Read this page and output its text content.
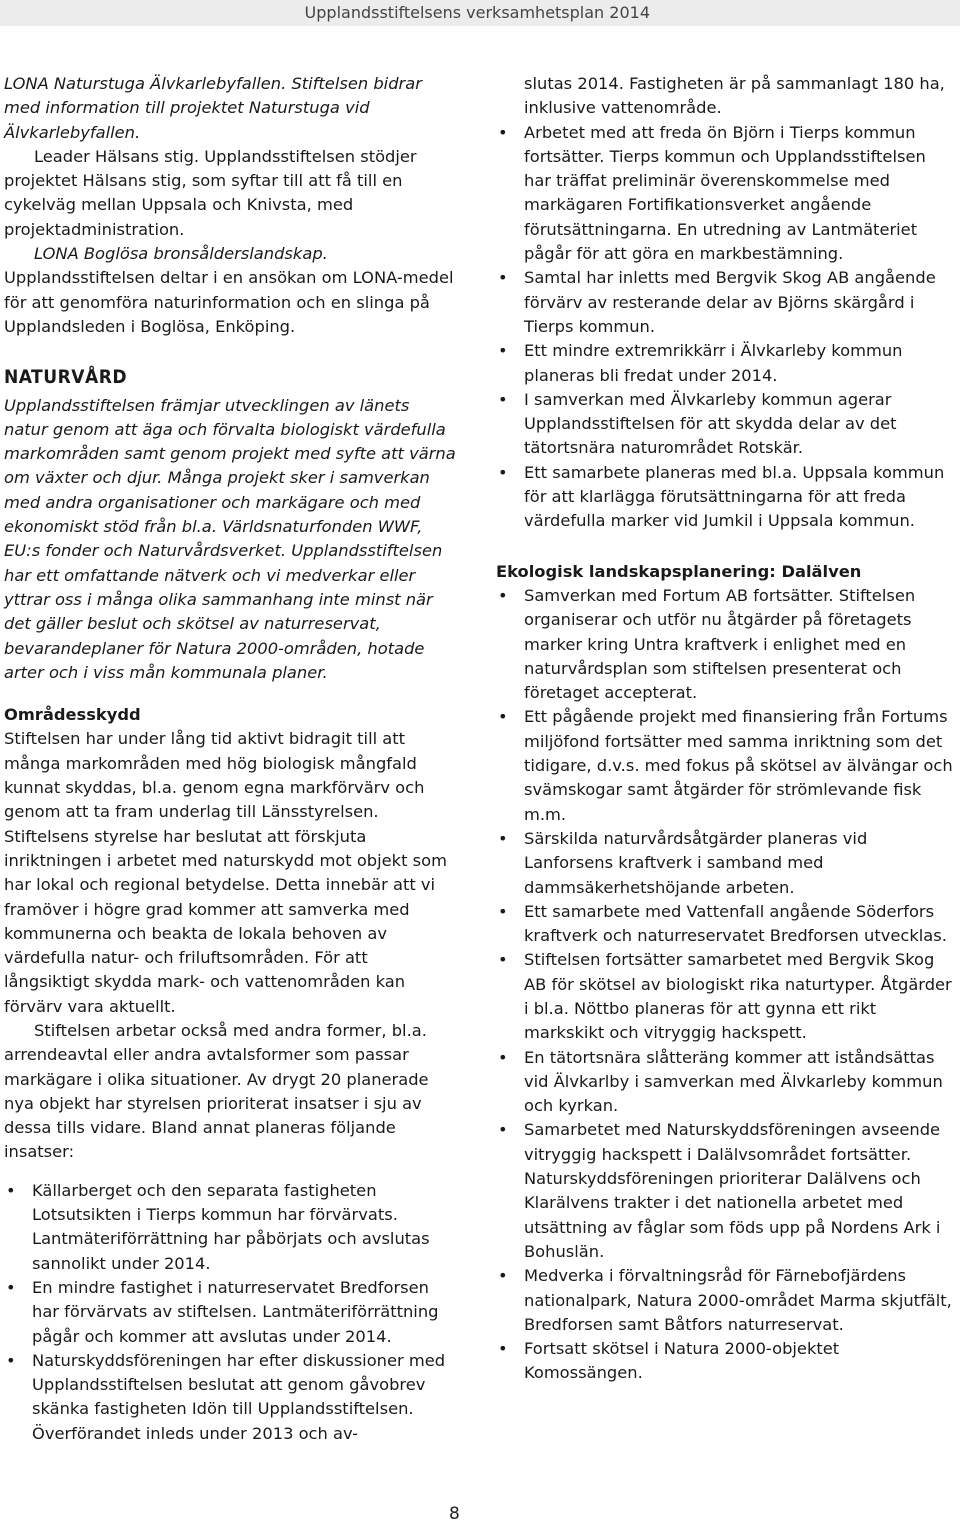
Upplandsstiftelsens verksamhetsplan 2014

LONA Naturstuga Älvkarlebyfallen. Stiftelsen bidrar med information till projektet Naturstuga vid Älvkarlebyfallen.

Leader Hälsans stig. Upplandsstiftelsen stödjer projektet Hälsans stig, som syftar till att få till en cykelväg mellan Uppsala och Knivsta, med projektadministration.

LONA Boglösa bronsålderslandskap. Upplandsstiftelsen deltar i en ansökan om LONA-medel för att genomföra naturinformation och en slinga på Upplandsleden i Boglösa, Enköping.

NATURVÅRD

Upplandsstiftelsen främjar utvecklingen av länets natur genom att äga och förvalta biologiskt värdefulla markområden samt genom projekt med syfte att värna om växter och djur. Många projekt sker i samverkan med andra organisationer och markägare och med ekonomiskt stöd från bl.a. Världsnaturfonden WWF, EU:s fonder och Naturvårdsverket. Upplandsstiftelsen har ett omfattande nätverk och vi medverkar eller yttrar oss i många olika sammanhang inte minst när det gäller beslut och skötsel av naturreservat, bevarandeplaner för Natura 2000-områden, hotade arter och i viss mån kommunala planer.

Områdesskydd

Stiftelsen har under lång tid aktivt bidragit till att många markområden med hög biologisk mångfald kunnat skyddas, bl.a. genom egna markförvärv och genom att ta fram underlag till Länsstyrelsen. Stiftelsens styrelse har beslutat att förskjuta inriktningen i arbetet med naturskydd mot objekt som har lokal och regional betydelse. Detta innebär att vi framöver i högre grad kommer att samverka med kommunerna och beakta de lokala behoven av värdefulla natur- och friluftsområden. För att långsiktigt skydda mark- och vattenområden kan förvärv vara aktuellt.

Stiftelsen arbetar också med andra former, bl.a. arrendeavtal eller andra avtalsformer som passar markägare i olika situationer. Av drygt 20 planerade nya objekt har styrelsen prioriterat insatser i sju av dessa tills vidare. Bland annat planeras följande insatser:

• Källarberget och den separata fastigheten Lotsutsikten i Tierps kommun har förvärvats. Lantmäteriförrättning har påbörjats och avslutas sannolikt under 2014.
• En mindre fastighet i naturreservatet Bredforsen har förvärvats av stiftelsen. Lantmäteriförrättning pågår och kommer att avslutas under 2014.
• Naturskyddsföreningen har efter diskussioner med Upplandsstiftelsen beslutat att genom gåvobrev skänka fastigheten Idön till Upplandsstiftelsen. Överförandet inleds under 2013 och av-

slutas 2014. Fastigheten är på sammanlagt 180 ha, inklusive vattenområde.

• Arbetet med att freda ön Björn i Tierps kommun fortsätter. Tierps kommun och Upplandsstiftelsen har träffat preliminär överenskommelse med markägaren Fortifikationsverket angående förutsättningarna. En utredning av Lantmäteriet pågår för att göra en markbestämning.
• Samtal har inletts med Bergvik Skog AB angående förvärv av resterande delar av Björns skärgård i Tierps kommun.
• Ett mindre extremrikkärr i Älvkarleby kommun planeras bli fredat under 2014.
• I samverkan med Älvkarleby kommun agerar Upplandsstiftelsen för att skydda delar av det tätortsnära naturområdet Rotskär.
• Ett samarbete planeras med bl.a. Uppsala kommun för att klarlägga förutsättningarna för att freda värdefulla marker vid Jumkil i Uppsala kommun.
Ekologisk landskapsplanering: Dalälven
• Samverkan med Fortum AB fortsätter. Stiftelsen organiserar och utför nu åtgärder på företagets marker kring Untra kraftverk i enlighet med en naturvårdsplan som stiftelsen presenterat och företaget accepterat.
• Ett pågående projekt med finansiering från Fortums miljöfond fortsätter med samma inriktning som det tidigare, d.v.s. med fokus på skötsel av älvängar och svämskogar samt åtgärder för strömlevande fisk m.m.
• Särskilda naturvårdsåtgärder planeras vid Lanforsens kraftverk i samband med dammsäkerhetshöjande arbeten.
• Ett samarbete med Vattenfall angående Söderfors kraftverk och naturreservatet Bredforsen utvecklas.
• Stiftelsen fortsätter samarbetet med Bergvik Skog AB för skötsel av biologiskt rika naturtyper. Åtgärder i bl.a. Nöttbo planeras för att gynna ett rikt markskikt och vitryggig hackspett.
• En tätortsnära slåtteräng kommer att iståndsättas vid Älvkarlby i samverkan med Älvkarleby kommun och kyrkan.
• Samarbetet med Naturskyddsföreningen avseende vitryggig hackspett i Dalälvsområdet fortsätter. Naturskyddsföreningen prioriterar Dalälvens och Klarälvens trakter i det nationella arbetet med utsättning av fåglar som föds upp på Nordens Ark i Bohuslän.
• Medverka i förvaltningsråd för Färnebofjärdens nationalpark, Natura 2000-området Marma skjutfält, Bredforsen samt Båtfors naturreservat.
• Fortsatt skötsel i Natura 2000-objektet Komossängen.
8
